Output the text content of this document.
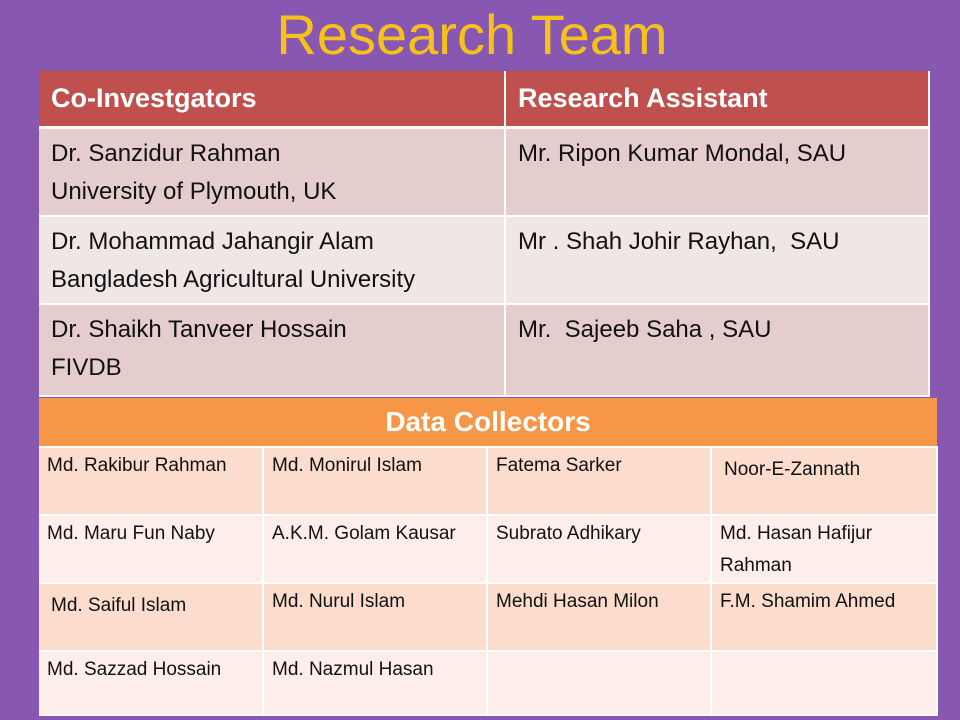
Research Team
Co-Investgators	Research Assistant

Dr. Sanzidur Rahman
University of Plymouth, UK	Mr. Ripon Kumar Mondal, SAU

Dr. Mohammad Jahangir Alam
Bangladesh Agricultural University	Mr . Shah Johir Rayhan,  SAU

Dr. Shaikh Tanveer Hossain
FIVDB	Mr.  Sajeeb Saha , SAU
Data Collectors			
Md. Rakibur Rahman	Md. Monirul Islam	Fatema Sarker	Noor-E-Zannath
Md. Maru Fun Naby	A.K.M. Golam Kausar	Subrato Adhikary	Md. Hasan Hafijur Rahman
Md. Saiful Islam	Md. Nurul Islam	Mehdi Hasan Milon	F.M. Shamim Ahmed
Md. Sazzad Hossain	Md. Nazmul Hasan		
